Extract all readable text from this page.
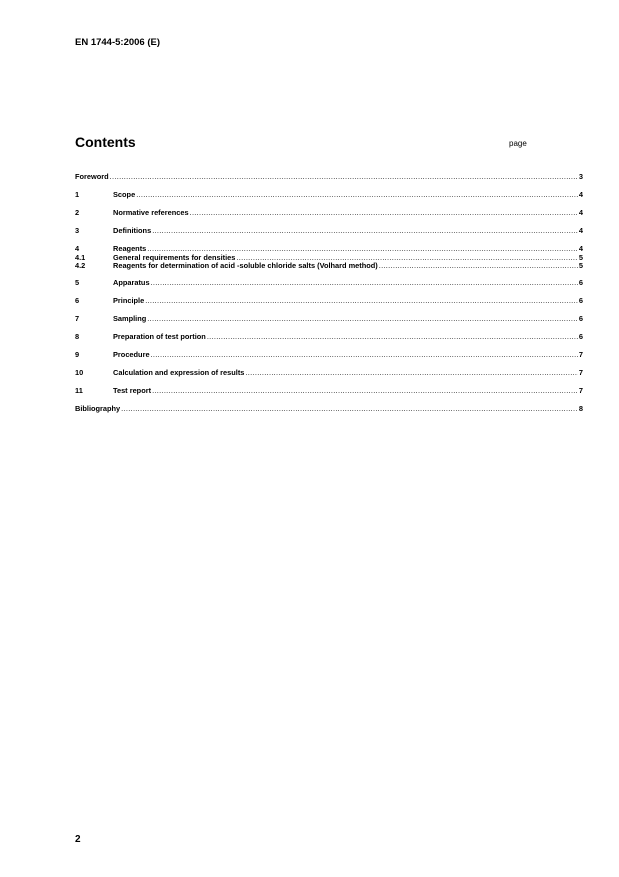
EN 1744-5:2006 (E)

Contents	page

Foreword .....	3
1	Scope .....	4
2	Normative references .....	4
3	Definitions .....	4
4	Reagents .....	4
4.1	General requirements for densities .....	5
4.2	Reagents for determination of acid -soluble chloride salts (Volhard method) .....	5
5	Apparatus .....	6
6	Principle .....	6
7	Sampling .....	6
8	Preparation of test portion .....	6
9	Procedure .....	7
10	Calculation and expression of results .....	7
11	Test report .....	7
Bibliography .....	8

2
